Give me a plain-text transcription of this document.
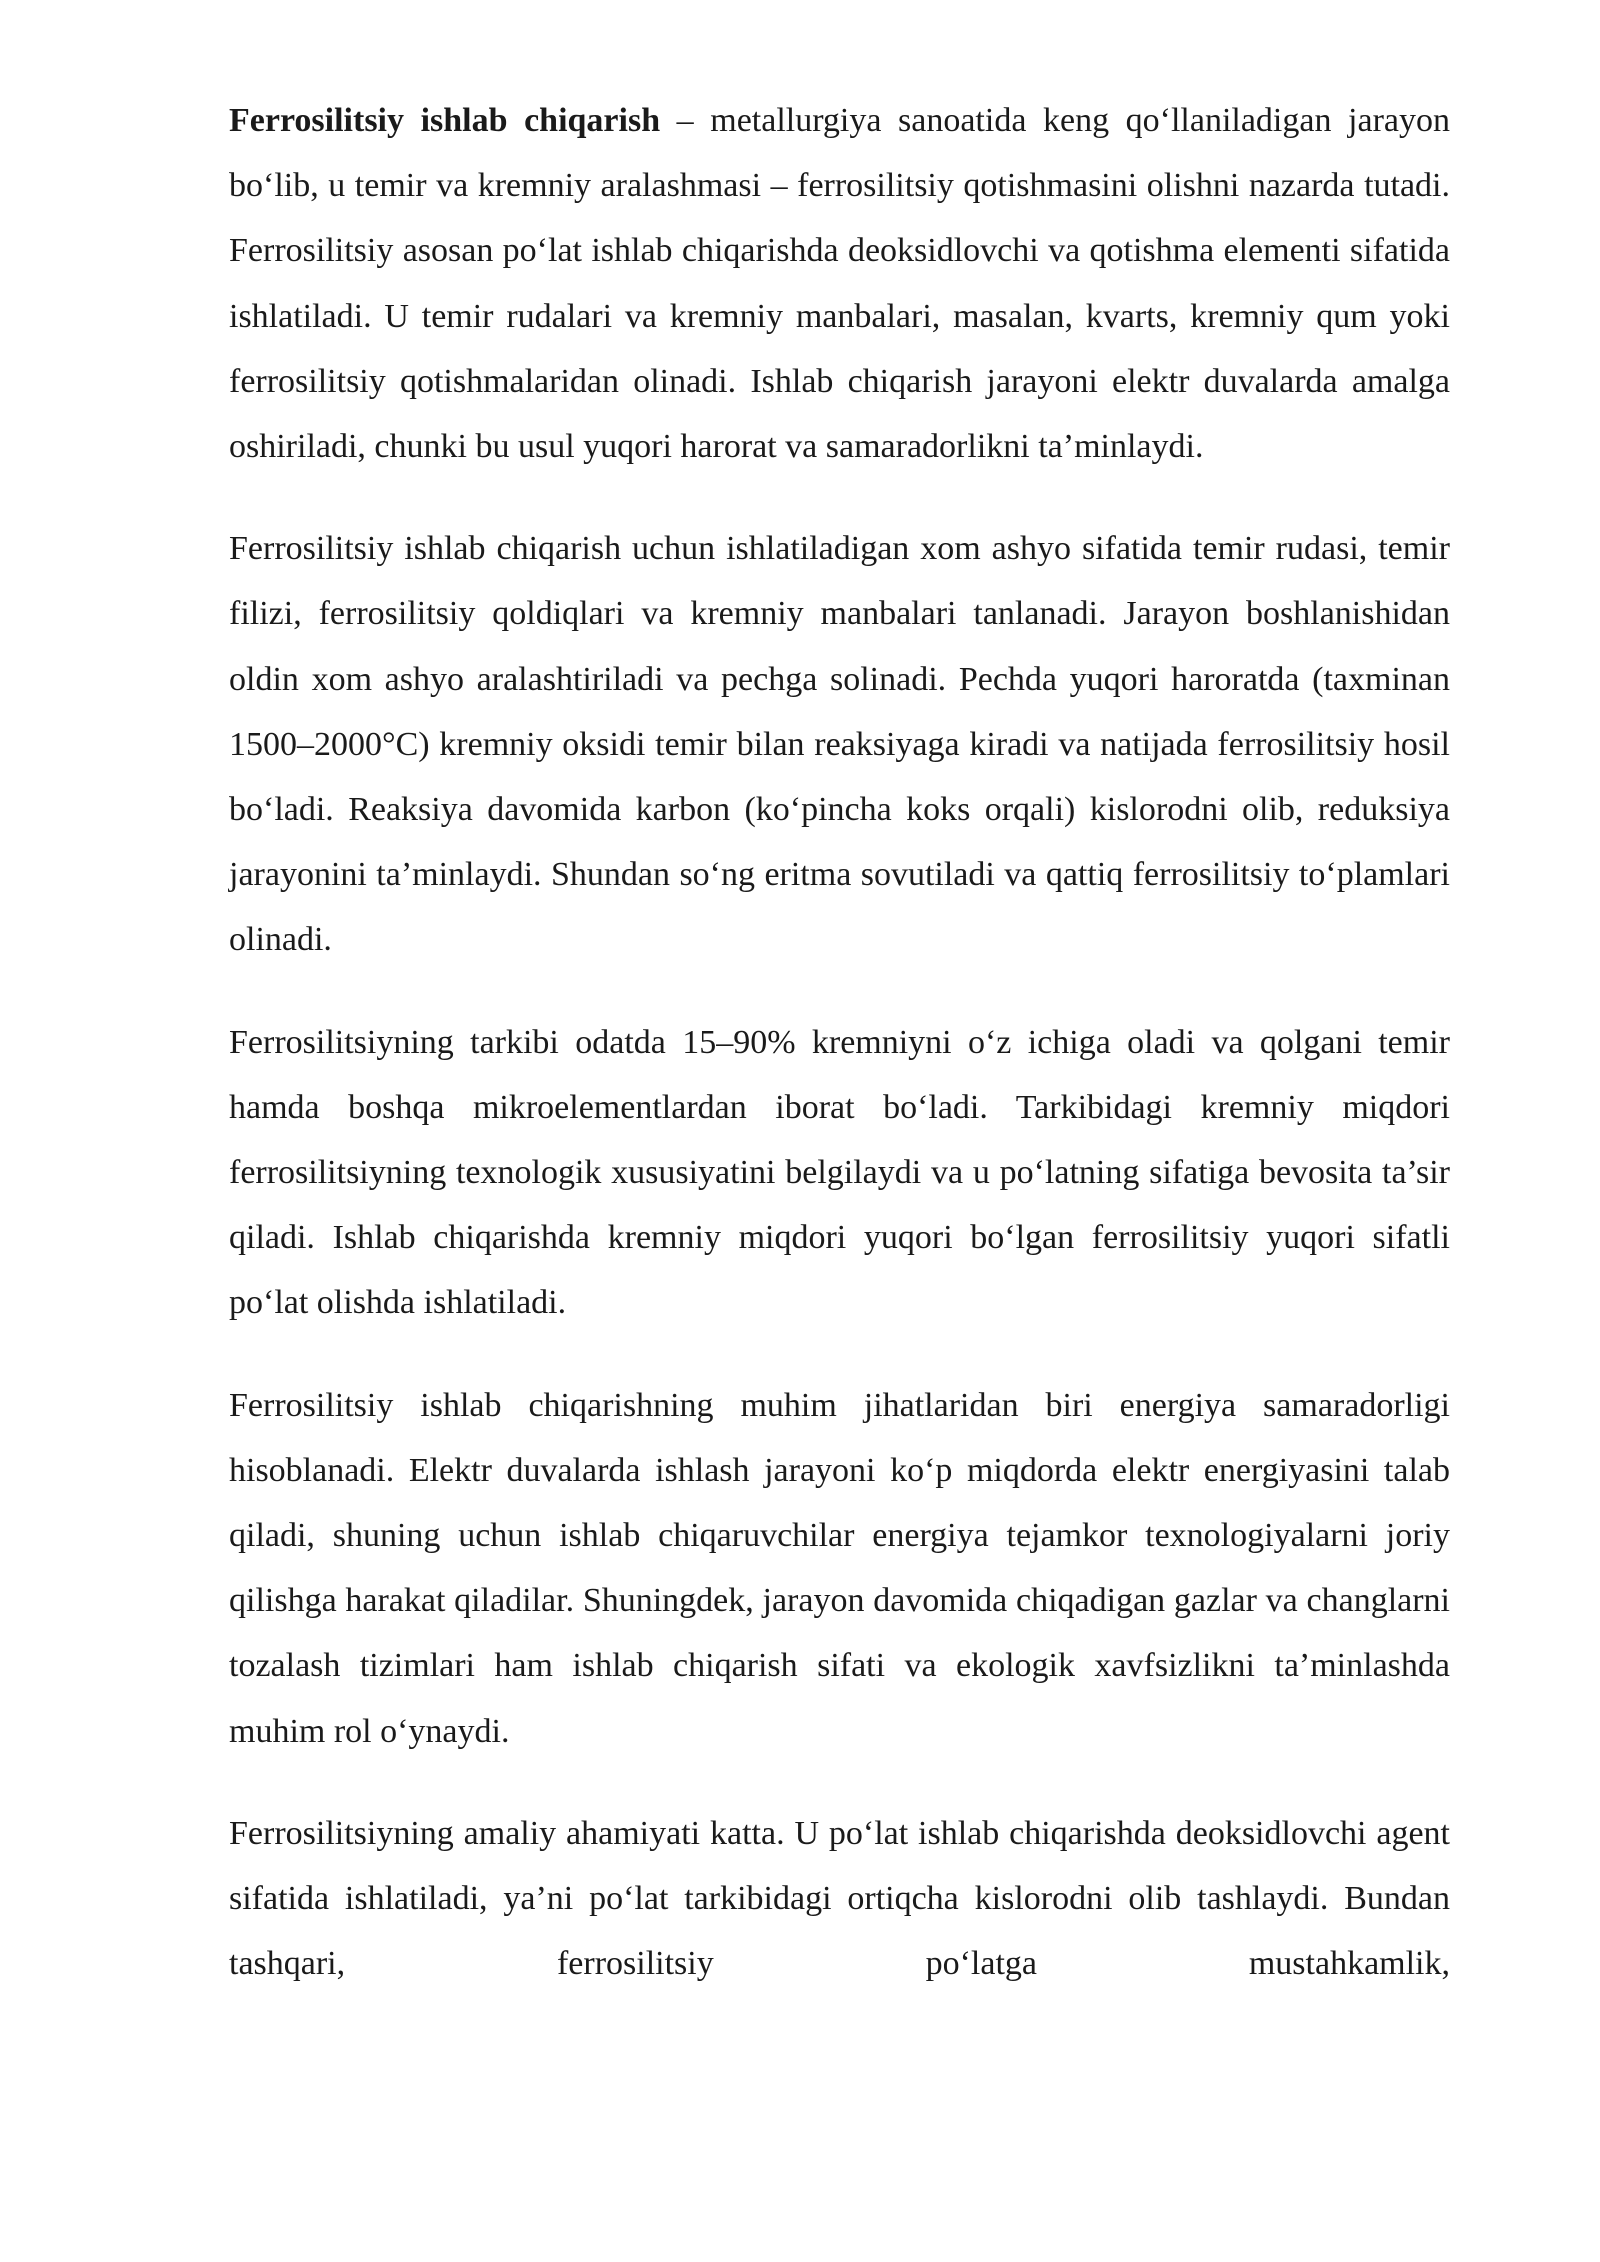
Ferrosilitsiy ishlab chiqarish – metallurgiya sanoatida keng qo‘llaniladigan jarayon bo‘lib, u temir va kremniy aralashmasi – ferrosilitsiy qotishmasini olishni nazarda tutadi. Ferrosilitsiy asosan po‘lat ishlab chiqarishda deoksidlovchi va qotishma elementi sifatida ishlatiladi. U temir rudalari va kremniy manbalari, masalan, kvarts, kremniy qum yoki ferrosilitsiy qotishmalaridan olinadi. Ishlab chiqarish jarayoni elektr duvalarda amalga oshiriladi, chunki bu usul yuqori harorat va samaradorlikni ta’minlaydi.

Ferrosilitsiy ishlab chiqarish uchun ishlatiladigan xom ashyo sifatida temir rudasi, temir filizi, ferrosilitsiy qoldiqlari va kremniy manbalari tanlanadi. Jarayon boshlanishidan oldin xom ashyo aralashtiriladi va pechga solinadi. Pechda yuqori haroratda (taxminan 1500–2000°C) kremniy oksidi temir bilan reaksiyaga kiradi va natijada ferrosilitsiy hosil bo‘ladi. Reaksiya davomida karbon (ko‘pincha koks orqali) kislorodni olib, reduksiya jarayonini ta’minlaydi. Shundan so‘ng eritma sovutiladi va qattiq ferrosilitsiy to‘plamlari olinadi.

Ferrosilitsiyning tarkibi odatda 15–90% kremniyni o‘z ichiga oladi va qolgani temir hamda boshqa mikroelementlardan iborat bo‘ladi. Tarkibidagi kremniy miqdori ferrosilitsiyning texnologik xususiyatini belgilaydi va u po‘latning sifatiga bevosita ta’sir qiladi. Ishlab chiqarishda kremniy miqdori yuqori bo‘lgan ferrosilitsiy yuqori sifatli po‘lat olishda ishlatiladi.

Ferrosilitsiy ishlab chiqarishning muhim jihatlaridan biri energiya samaradorligi hisoblanadi. Elektr duvalarda ishlash jarayoni ko‘p miqdorda elektr energiyasini talab qiladi, shuning uchun ishlab chiqaruvchilar energiya tejamkor texnologiyalarni joriy qilishga harakat qiladilar. Shuningdek, jarayon davomida chiqadigan gazlar va changlarni tozalash tizimlari ham ishlab chiqarish sifati va ekologik xavfsizlikni ta’minlashda muhim rol o‘ynaydi.

Ferrosilitsiyning amaliy ahamiyati katta. U po‘lat ishlab chiqarishda deoksidlovchi agent sifatida ishlatiladi, ya’ni po‘lat tarkibidagi ortiqcha kislorodni olib tashlaydi. Bundan tashqari, ferrosilitsiy po‘latga mustahkamlik,
